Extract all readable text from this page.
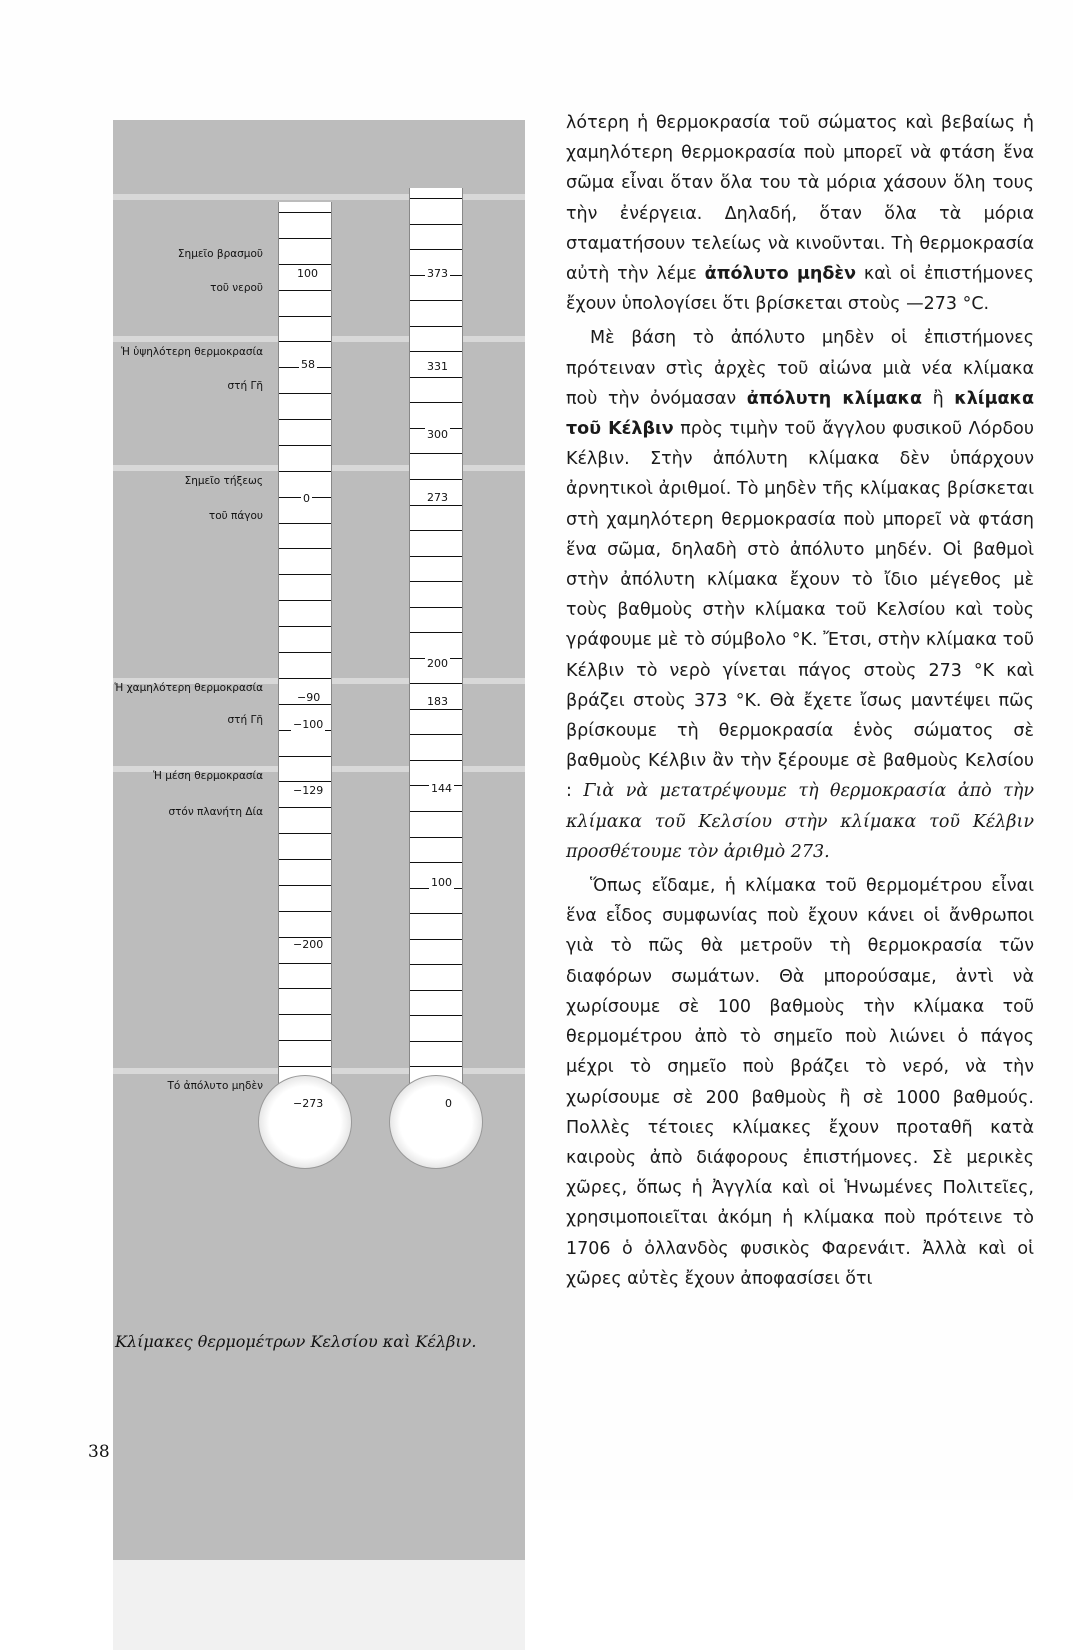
Σημεῖο βρασμοῦ
τοῦ νεροῦ
Ἡ ὑψηλότερη θερμοκρασία
στή Γῆ
Σημεῖο τήξεως
τοῦ πάγου
Ἡ χαμηλότερη θερμοκρασία
στή Γῆ
Ἡ μέση θερμοκρασία
στόν πλανήτη Δία
Τό ἀπόλυτο μηδὲν
100
58
0
−90
−100
−129
−200
−273
373
331
300
273
200
183
144
100
0
Κλίμακες θερμομέτρων Κελσίου καὶ Κέλβιν.
38

λότερη ἡ θερμοκρασία τοῦ σώματος καὶ βεβαίως ἡ χαμηλότερη θερμοκρασία ποὺ μπορεῖ νὰ φτάση ἕνα σῶμα εἶναι ὅταν ὅλα του τὰ μόρια χάσουν ὅλη τους τὴν ἐνέργεια. Δηλαδή, ὅταν ὅλα τὰ μόρια σταματήσουν τελείως νὰ κινοῦνται. Τὴ θερμοκρασία αὐτὴ τὴν λέμε ἀπόλυτο μηδὲν καὶ οἱ ἐπιστήμονες ἔχουν ὑπολογίσει ὅτι βρίσκεται στοὺς —273 °C.

Μὲ βάση τὸ ἀπόλυτο μηδὲν οἱ ἐπιστήμονες πρότειναν στὶς ἀρχὲς τοῦ αἰώνα μιὰ νέα κλίμακα ποὺ τὴν ὀνόμασαν ἀπόλυτη κλίμακα ἢ κλίμακα τοῦ Κέλβιν πρὸς τιμὴν τοῦ ἄγγλου φυσικοῦ Λόρδου Κέλβιν. Στὴν ἀπόλυτη κλίμακα δὲν ὑπάρχουν ἀρνητικοὶ ἀριθμοί. Τὸ μηδὲν τῆς κλίμακας βρίσκεται στὴ χαμηλότερη θερμοκρασία ποὺ μπορεῖ νὰ φτάση ἕνα σῶμα, δηλαδὴ στὸ ἀπόλυτο μηδέν. Οἱ βαθμοὶ στὴν ἀπόλυτη κλίμακα ἔχουν τὸ ἴδιο μέγεθος μὲ τοὺς βαθμοὺς στὴν κλίμακα τοῦ Κελσίου καὶ τοὺς γράφουμε μὲ τὸ σύμβολο °K. Ἔτσι, στὴν κλίμακα τοῦ Κέλβιν τὸ νερὸ γίνεται πάγος στοὺς 273 °K καὶ βράζει στοὺς 373 °K. Θὰ ἔχετε ἴσως μαντέψει πῶς βρίσκουμε τὴ θερμοκρασία ἑνὸς σώματος σὲ βαθμοὺς Κέλβιν ἂν τὴν ξέρουμε σὲ βαθμοὺς Κελσίου : Γιὰ νὰ μετατρέψουμε τὴ θερμοκρασία ἀπὸ τὴν κλίμακα τοῦ Κελσίου στὴν κλίμακα τοῦ Κέλβιν προσθέτουμε τὸν ἀριθμὸ 273.

Ὅπως εἴδαμε, ἡ κλίμακα τοῦ θερμομέτρου εἶναι ἕνα εἶδος συμφωνίας ποὺ ἔχουν κάνει οἱ ἄνθρωποι γιὰ τὸ πῶς θὰ μετροῦν τὴ θερμοκρασία τῶν διαφόρων σωμάτων. Θὰ μπορούσαμε, ἀντὶ νὰ χωρίσουμε σὲ 100 βαθμοὺς τὴν κλίμακα τοῦ θερμομέτρου ἀπὸ τὸ σημεῖο ποὺ λιώνει ὁ πάγος μέχρι τὸ σημεῖο ποὺ βράζει τὸ νερό, νὰ τὴν χωρίσουμε σὲ 200 βαθμοὺς ἢ σὲ 1000 βαθμούς. Πολλὲς τέτοιες κλίμακες ἔχουν προταθῆ κατὰ καιροὺς ἀπὸ διάφορους ἐπιστήμονες. Σὲ μερικὲς χῶρες, ὅπως ἡ Ἀγγλία καὶ οἱ Ἡνωμένες Πολιτεῖες, χρησιμοποιεῖται ἀκόμη ἡ κλίμακα ποὺ πρότεινε τὸ 1706 ὁ ὀλλανδὸς φυσικὸς Φαρενάιτ. Ἀλλὰ καὶ οἱ χῶρες αὐτὲς ἔχουν ἀποφασίσει ὅτι
